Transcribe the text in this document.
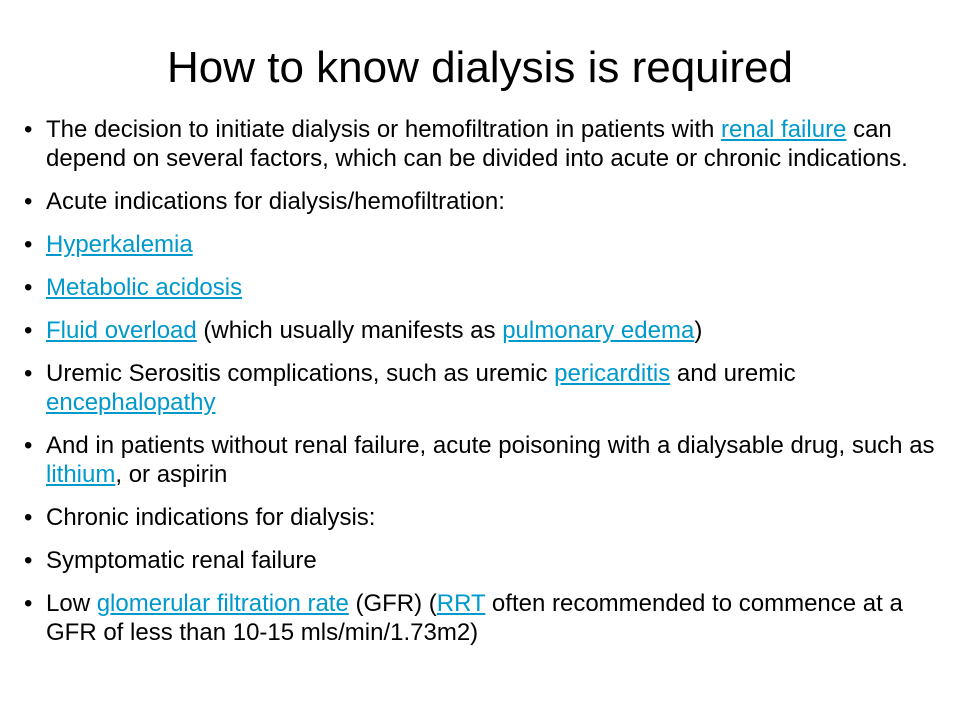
How to know dialysis is required
• The decision to initiate dialysis or hemofiltration in patients with renal failure can depend on several factors, which can be divided into acute or chronic indications.
• Acute indications for dialysis/hemofiltration:
• Hyperkalemia
• Metabolic acidosis
• Fluid overload (which usually manifests as pulmonary edema)
• Uremic Serositis complications, such as uremic pericarditis and uremic encephalopathy
• And in patients without renal failure, acute poisoning with a dialysable drug, such as lithium, or aspirin
• Chronic indications for dialysis:
• Symptomatic renal failure
• Low glomerular filtration rate (GFR) (RRT often recommended to commence at a GFR of less than 10-15 mls/min/1.73m2)
